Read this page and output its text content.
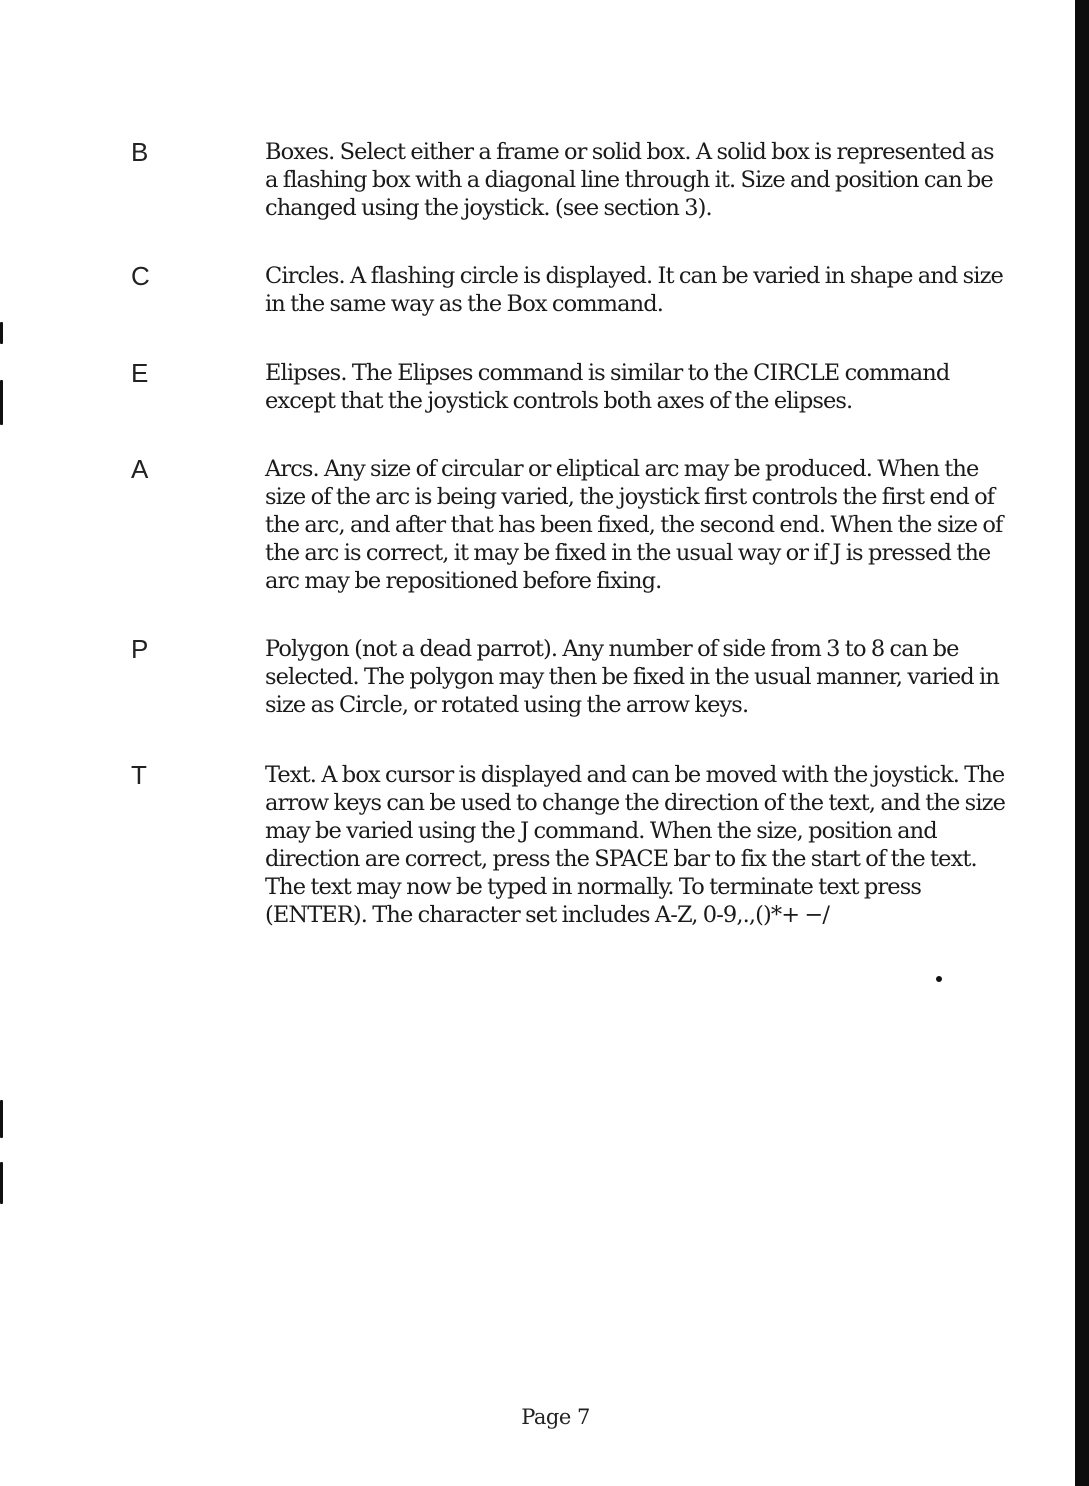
B	Boxes. Select either a frame or solid box. A solid box is represented as a flashing box with a diagonal line through it. Size and position can be changed using the joystick. (see section 3).

C	Circles. A flashing circle is displayed. It can be varied in shape and size in the same way as the Box command.

E	Elipses. The Elipses command is similar to the CIRCLE command except that the joystick controls both axes of the elipses.

A	Arcs. Any size of circular or eliptical arc may be produced. When the size of the arc is being varied, the joystick first controls the first end of the arc, and after that has been fixed, the second end. When the size of the arc is correct, it may be fixed in the usual way or if J is pressed the arc may be repositioned before fixing.

P	Polygon (not a dead parrot). Any number of side from 3 to 8 can be selected. The polygon may then be fixed in the usual manner, varied in size as Circle, or rotated using the arrow keys.

T	Text. A box cursor is displayed and can be moved with the joystick. The arrow keys can be used to change the direction of the text, and the size may be varied using the J command. When the size, position and direction are correct, press the SPACE bar to fix the start of the text. The text may now be typed in normally. To terminate text press (ENTER). The character set includes A-Z, 0-9,.,()*+ −/

Page 7
